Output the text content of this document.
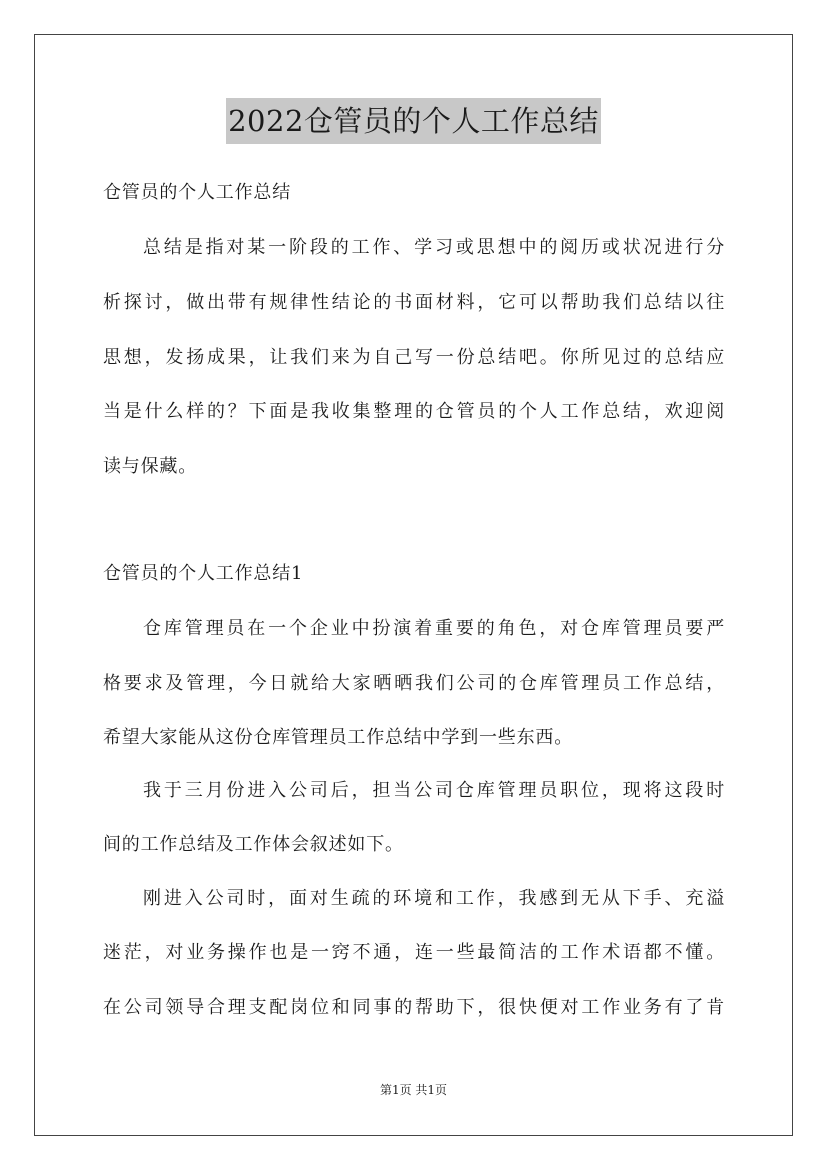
2022仓管员的个人工作总结
仓管员的个人工作总结
总结是指对某一阶段的工作、学习或思想中的阅历或状况进行分
析探讨，做出带有规律性结论的书面材料，它可以帮助我们总结以往
思想，发扬成果，让我们来为自己写一份总结吧。你所见过的总结应
当是什么样的？下面是我收集整理的仓管员的个人工作总结，欢迎阅
读与保藏。
仓管员的个人工作总结1
仓库管理员在一个企业中扮演着重要的角色，对仓库管理员要严
格要求及管理，今日就给大家晒晒我们公司的仓库管理员工作总结，
希望大家能从这份仓库管理员工作总结中学到一些东西。
我于三月份进入公司后，担当公司仓库管理员职位，现将这段时
间的工作总结及工作体会叙述如下。
刚进入公司时，面对生疏的环境和工作，我感到无从下手、充溢
迷茫，对业务操作也是一窍不通，连一些最简洁的工作术语都不懂。
在公司领导合理支配岗位和同事的帮助下，很快便对工作业务有了肯
第1页 共1页
